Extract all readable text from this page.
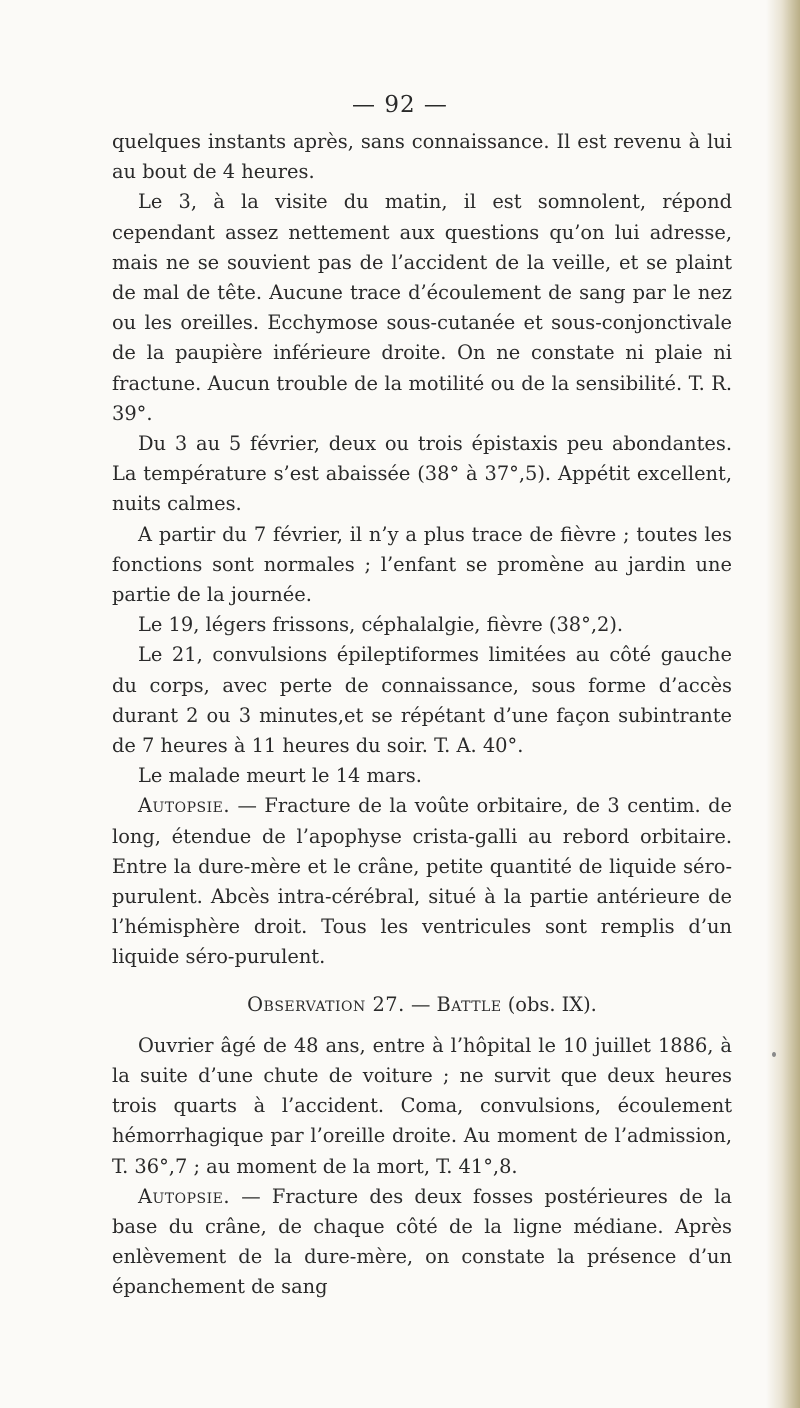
— 92 —

quelques instants après, sans connaissance. Il est revenu à lui au bout de 4 heures.

Le 3, à la visite du matin, il est somnolent, répond cependant assez nettement aux questions qu’on lui adresse, mais ne se souvient pas de l’accident de la veille, et se plaint de mal de tête. Aucune trace d’écoulement de sang par le nez ou les oreilles. Ecchymose sous-cutanée et sous-conjonctivale de la paupière inférieure droite. On ne constate ni plaie ni fractune. Aucun trouble de la motilité ou de la sensibilité. T. R. 39°.

Du 3 au 5 février, deux ou trois épistaxis peu abondantes. La température s’est abaissée (38° à 37°,5). Appétit excellent, nuits calmes.

A partir du 7 février, il n’y a plus trace de fièvre ; toutes les fonctions sont normales ; l’enfant se promène au jardin une partie de la journée.

Le 19, légers frissons, céphalalgie, fièvre (38°,2).

Le 21, convulsions épileptiformes limitées au côté gauche du corps, avec perte de connaissance, sous forme d’accès durant 2 ou 3 minutes,et se répétant d’une façon subintrante de 7 heures à 11 heures du soir. T. A. 40°.

Le malade meurt le 14 mars.

Autopsie. — Fracture de la voûte orbitaire, de 3 centim. de long, étendue de l’apophyse crista-galli au rebord orbitaire. Entre la dure-mère et le crâne, petite quantité de liquide séro-purulent. Abcès intra-cérébral, situé à la partie antérieure de l’hémisphère droit. Tous les ventricules sont remplis d’un liquide séro-purulent.

Observation 27. — Battle (obs. IX).

Ouvrier âgé de 48 ans, entre à l’hôpital le 10 juillet 1886, à la suite d’une chute de voiture ; ne survit que deux heures trois quarts à l’accident. Coma, convulsions, écoulement hémorrhagique par l’oreille droite. Au moment de l’admission, T. 36°,7 ; au moment de la mort, T. 41°,8.

Autopsie. — Fracture des deux fosses postérieures de la base du crâne, de chaque côté de la ligne médiane. Après enlèvement de la dure-mère, on constate la présence d’un épanchement de sang
